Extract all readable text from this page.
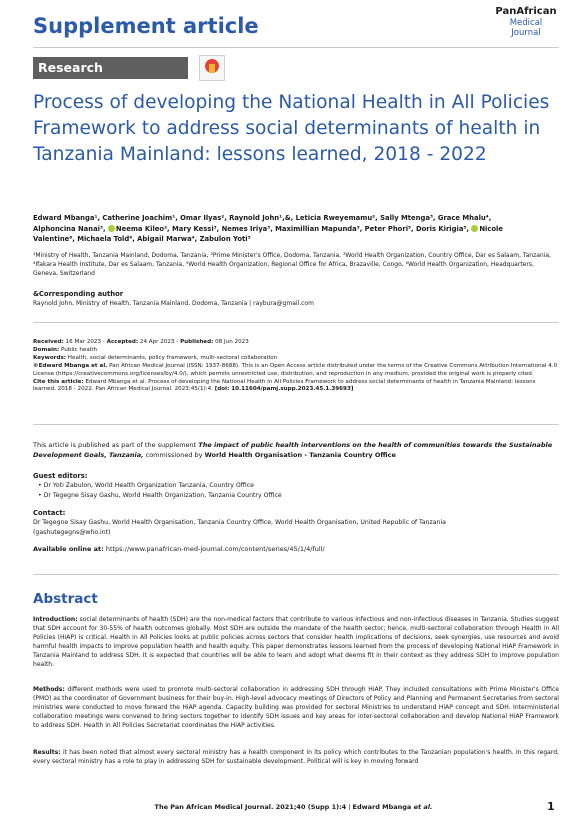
Supplement article
PanAfrican
Medical
Journal
Research
Process of developing the National Health in All Policies Framework to address social determinants of health in Tanzania Mainland: lessons learned, 2018 - 2022
Edward Mbanga¹, Catherine Joachim¹, Omar Ilyas², Raynold John¹,&, Leticia Rweyemamu², Sally Mtenga³, Grace Mhalu⁴,
Alphoncina Nanai³, Neema Kileo², Mary Kessi³, Nemes Iriya³, Maximillian Mapunda³, Peter Phori⁵, Doris Kirigia⁵, Nicole
Valentine⁶, Michaela Told⁶, Abigail Marwa⁴, Zabulon Yoti³
¹Ministry of Health, Tanzania Mainland, Dodoma, Tanzania, ²Prime Minister's Office, Dodoma, Tanzania, ³World Health Organization, Country Office, Dar es Salaam, Tanzania, ⁴Ifakara Health Institute, Dar es Salaam, Tanzania, ⁵World Health Organization, Regional Office for Africa, Brazaville, Congo, ⁶World Health Organization, Headquarters, Geneva, Switzerland
&Corresponding author
Raynold John, Ministry of Health, Tanzania Mainland, Dodoma, Tanzania | raybura@gmail.com
Received: 16 Mar 2023 - Accepted: 24 Apr 2023 - Published: 08 Jun 2023
Domain: Public health
Keywords: Health, social determinants, policy framework, multi-sectoral collaboration
©Edward Mbanga et al. Pan African Medical Journal (ISSN: 1937-8688). This is an Open Access article distributed under the terms of the Creative Commons Attribution International 4.0 License (https://creativecommons.org/licenses/by/4.0/), which permits unrestricted use, distribution, and reproduction in any medium, provided the original work is properly cited.
Cite this article: Edward Mbanga et al. Process of developing the National Health in All Policies Framework to address social determinants of health in Tanzania Mainland: lessons learned, 2018 - 2022. Pan African Medical Journal. 2023;45(1):4. [doi: 10.11604/pamj.supp.2023.45.1.39693]
This article is published as part of the supplement The impact of public health interventions on the health of communities towards the Sustainable Development Goals, Tanzania, commissioned by World Health Organisation - Tanzania Country Office
Guest editors:
• Dr Yoti Zabulon, World Health Organization Tanzania, Country Office
• Dr Tegegne Sisay Gashu, World Health Organization, Tanzania Country Office
Contact:
Dr Tegegne Sisay Gashu, World Health Organisation, Tanzania Country Office, World Health Organisation, United Republic of Tanzania
(gashutegegns@who.int)
Available online at: https://www.panafrican-med-journal.com/content/series/45/1/4/full/
Abstract
Introduction: social determinants of health (SDH) are the non-medical factors that contribute to various infectious and non-infectious diseases in Tanzania. Studies suggest that SDH account for 30-55% of health outcomes globally. Most SDH are outside the mandate of the health sector; hence, multi-sectoral collaboration through Health in All Policies (HiAP) is critical. Health in All Policies looks at public policies across sectors that consider health implications of decisions, seek synergies, use resources and avoid harmful health impacts to improve population health and health equity. This paper demonstrates lessons learned from the process of developing National HiAP Framework in Tanzania Mainland to address SDH. It is expected that countries will be able to learn and adopt what deems fit in their context as they address SDH to improve population health.
Methods: different methods were used to promote multi-sectoral collaboration in addressing SDH through HiAP. They included consultations with Prime Minister's Office (PMO) as the coordinator of Government business for their buy-in. High-level advocacy meetings of Directors of Policy and Planning and Permanent Secretaries from sectoral ministries were conducted to move forward the HiAP agenda. Capacity building was provided for sectoral Ministries to understand HiAP concept and SDH. Interministerial collaboration meetings were convened to bring sectors together to identify SDH issues and key areas for inter-sectoral collaboration and develop National HiAP Framework to address SDH. Health in All Policies Secretariat coordinates the HiAP activities.
Results: it has been noted that almost every sectoral ministry has a health component in its policy which contributes to the Tanzanian population's health. In this regard, every sectoral ministry has a role to play in addressing SDH for sustainable development. Political will is key in moving forward
The Pan African Medical Journal. 2021;40 (Supp 1):4 | Edward Mbanga et al.	1
